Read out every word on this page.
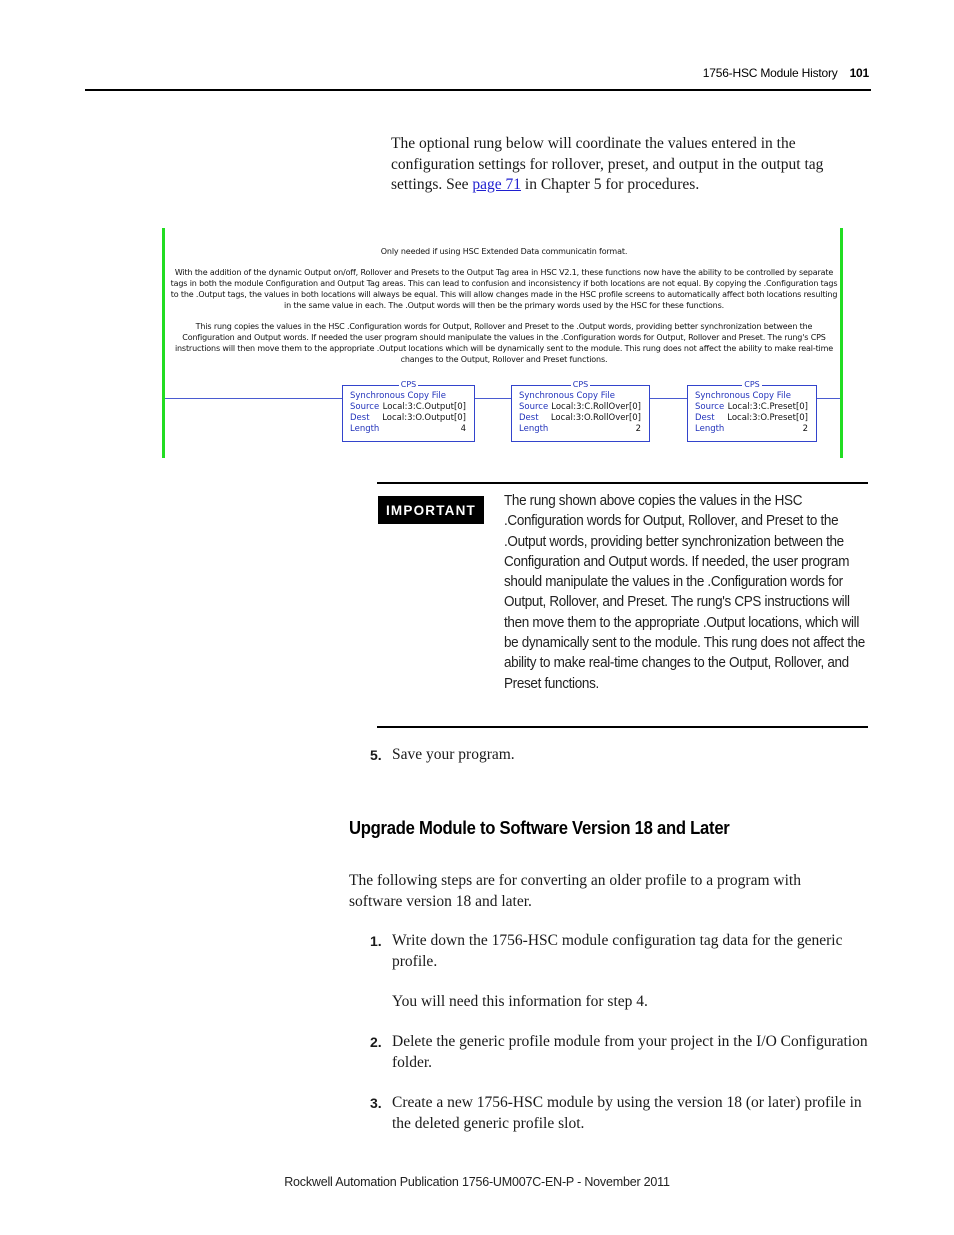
1756-HSC Module History 101
The optional rung below will coordinate the values entered in the configuration settings for rollover, preset, and output in the output tag settings. See page 71 in Chapter 5 for procedures.

Only needed if using HSC Extended Data communicatin format.

With the addition of the dynamic Output on/off, Rollover and Presets to the Output Tag area in HSC V2.1, these functions now have the ability to be controlled by separate tags in both the module Configuration and Output Tag areas. This can lead to confusion and inconsistency if both locations are not equal. By copying the .Configuration tags to the .Output tags, the values in both locations will always be equal. This will allow changes made in the HSC profile screens to automatically affect both locations resulting in the same value in each. The .Output words will then be the primary words used by the HSC for these functions.

This rung copies the values in the HSC .Configuration words for Output, Rollover and Preset to the .Output words, providing better synchronization between the Configuration and Output words. If needed the user program should manipulate the values in the .Configuration words for Output, Rollover and Preset. The rung's CPS instructions will then move them to the appropriate .Output locations which will be dynamically sent to the module. This rung does not affect the ability to make real-time changes to the Output, Rollover and Preset functions.

CPS
Synchronous Copy File
Source Local:3:C.Output[0]
Dest	Local:3:O.Output[0]
Length	4
CPS
Synchronous Copy File
Source Local:3:C.RollOver[0]
Dest	Local:3:O.RollOver[0]
Length	2
CPS
Synchronous Copy File
Source Local:3:C.Preset[0]
Dest	Local:3:O.Preset[0]
Length	2
IMPORTANT
The rung shown above copies the values in the HSC .Configuration words for Output, Rollover, and Preset to the .Output words, providing better synchronization between the Configuration and Output words. If needed, the user program should manipulate the values in the .Configuration words for Output, Rollover, and Preset. The rung's CPS instructions will then move them to the appropriate .Output locations, which will be dynamically sent to the module. This rung does not affect the ability to make real-time changes to the Output, Rollover, and Preset functions.
5. Save your program.
Upgrade Module to Software Version 18 and Later
The following steps are for converting an older profile to a program with software version 18 and later.
1. Write down the 1756-HSC module configuration tag data for the generic profile.
You will need this information for step 4.
2. Delete the generic profile module from your project in the I/O Configuration folder.
3. Create a new 1756-HSC module by using the version 18 (or later) profile in the deleted generic profile slot.
Rockwell Automation Publication 1756-UM007C-EN-P - November 2011
